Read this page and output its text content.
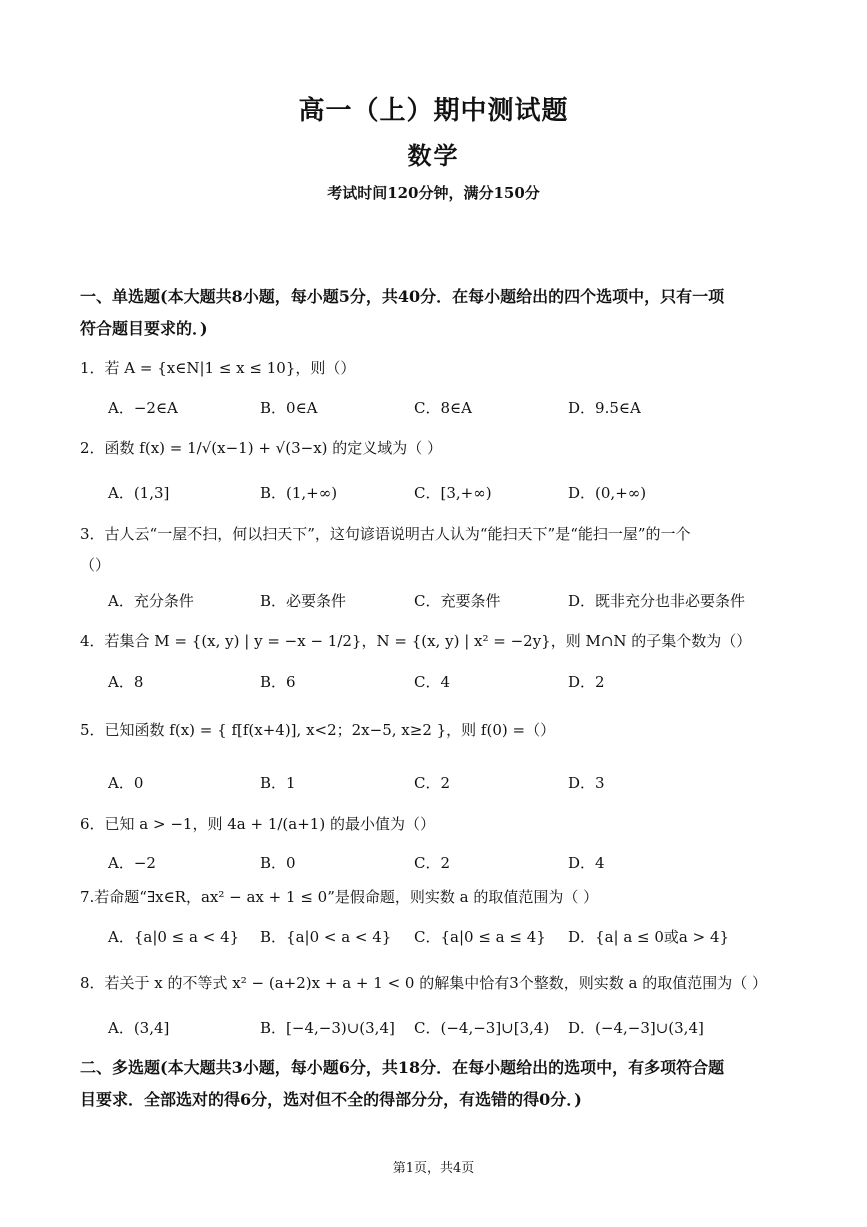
高一（上）期中测试题
数学
考试时间120分钟，满分150分
一、单选题(本大题共8小题，每小题5分，共40分．在每小题给出的四个选项中，只有一项
符合题目要求的．)
1．若 A = {x∈N|1 ≤ x ≤ 10}，则（）
A．−2∈A	B．0∈A	C．8∈A	D．9.5∈A
2．函数 f(x) = 1/√(x−1) + √(3−x) 的定义域为（ ）
A．(1,3]	B．(1,+∞)	C．[3,+∞)	D．(0,+∞)
3．古人云“一屋不扫，何以扫天下”，这句谚语说明古人认为“能扫天下”是“能扫一屋”的一个
（）
A．充分条件	B．必要条件	C．充要条件	D．既非充分也非必要条件
4．若集合 M = {(x, y) | y = −x − 1/2}，N = {(x, y) | x² = −2y}，则 M∩N 的子集个数为（）
A．8	B．6	C．4	D．2
5．已知函数 f(x) = { f[f(x+4)], x<2；2x−5, x≥2 }，则 f(0) =（）
A．0	B．1	C．2	D．3
6．已知 a > −1，则 4a + 1/(a+1) 的最小值为（）
A．−2	B．0	C．2	D．4
7.若命题“∃x∈R，ax² − ax + 1 ≤ 0”是假命题，则实数 a 的取值范围为（ ）
A．{a|0 ≤ a < 4} B．{a|0 < a < 4} C．{a|0 ≤ a ≤ 4} D．{a| a ≤ 0或a > 4}
8．若关于 x 的不等式 x² − (a+2)x + a + 1 < 0 的解集中恰有3个整数，则实数 a 的取值范围为（ ）
A．(3,4]	B．[−4,−3)∪(3,4] C．(−4,−3]∪[3,4) D．(−4,−3]∪(3,4]
二、多选题(本大题共3小题，每小题6分，共18分．在每小题给出的选项中，有多项符合题
目要求．全部选对的得6分，选对但不全的得部分分，有选错的得0分．)
第1页，共4页
